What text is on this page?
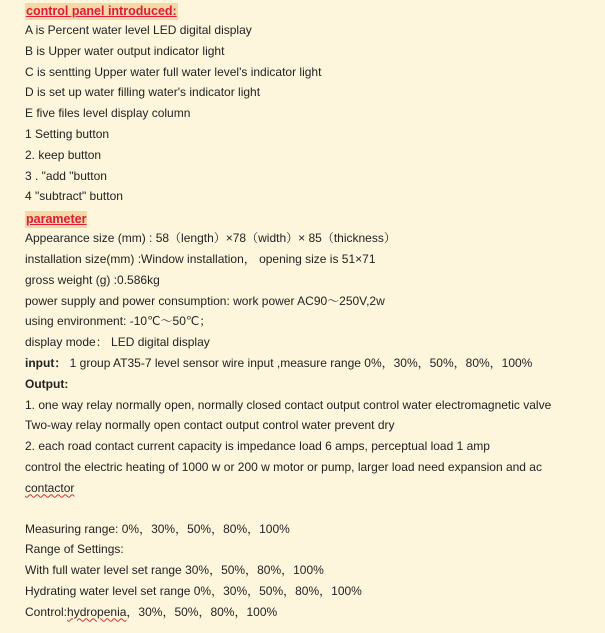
control panel introduced:
A is Percent water level LED digital display
B is Upper water output indicator light
C is sentting Upper water full water level's indicator light
D is set up water filling water's indicator light
E five files level display column
1 Setting button
2. keep button
3 . "add "button
4 "subtract" button
parameter
Appearance size (mm) : 58（length）×78（width）× 85（thickness）
installation size(mm) :Window installation， opening size is 51×71
gross weight (g) :0.586kg
power supply and power consumption: work power AC90～250V,2w
using environment: -10℃～50℃；
display mode： LED digital display
input： 1 group AT35-7 level sensor wire input ,measure range 0%，30%，50%，80%，100%
Output:
1. one way relay normally open, normally closed contact output control water electromagnetic valve
Two-way relay normally open contact output control water prevent dry
2. each road contact current capacity is impedance load 6 amps, perceptual load 1 amp
control the electric heating of 1000 w or 200 w motor or pump, larger load need expansion and ac
contactor
Measuring range: 0%，30%，50%，80%，100%
Range of Settings:
With full water level set range 30%，50%，80%，100%
Hydrating water level set range 0%，30%，50%，80%，100%
Control:hydropenia，30%，50%，80%，100%
